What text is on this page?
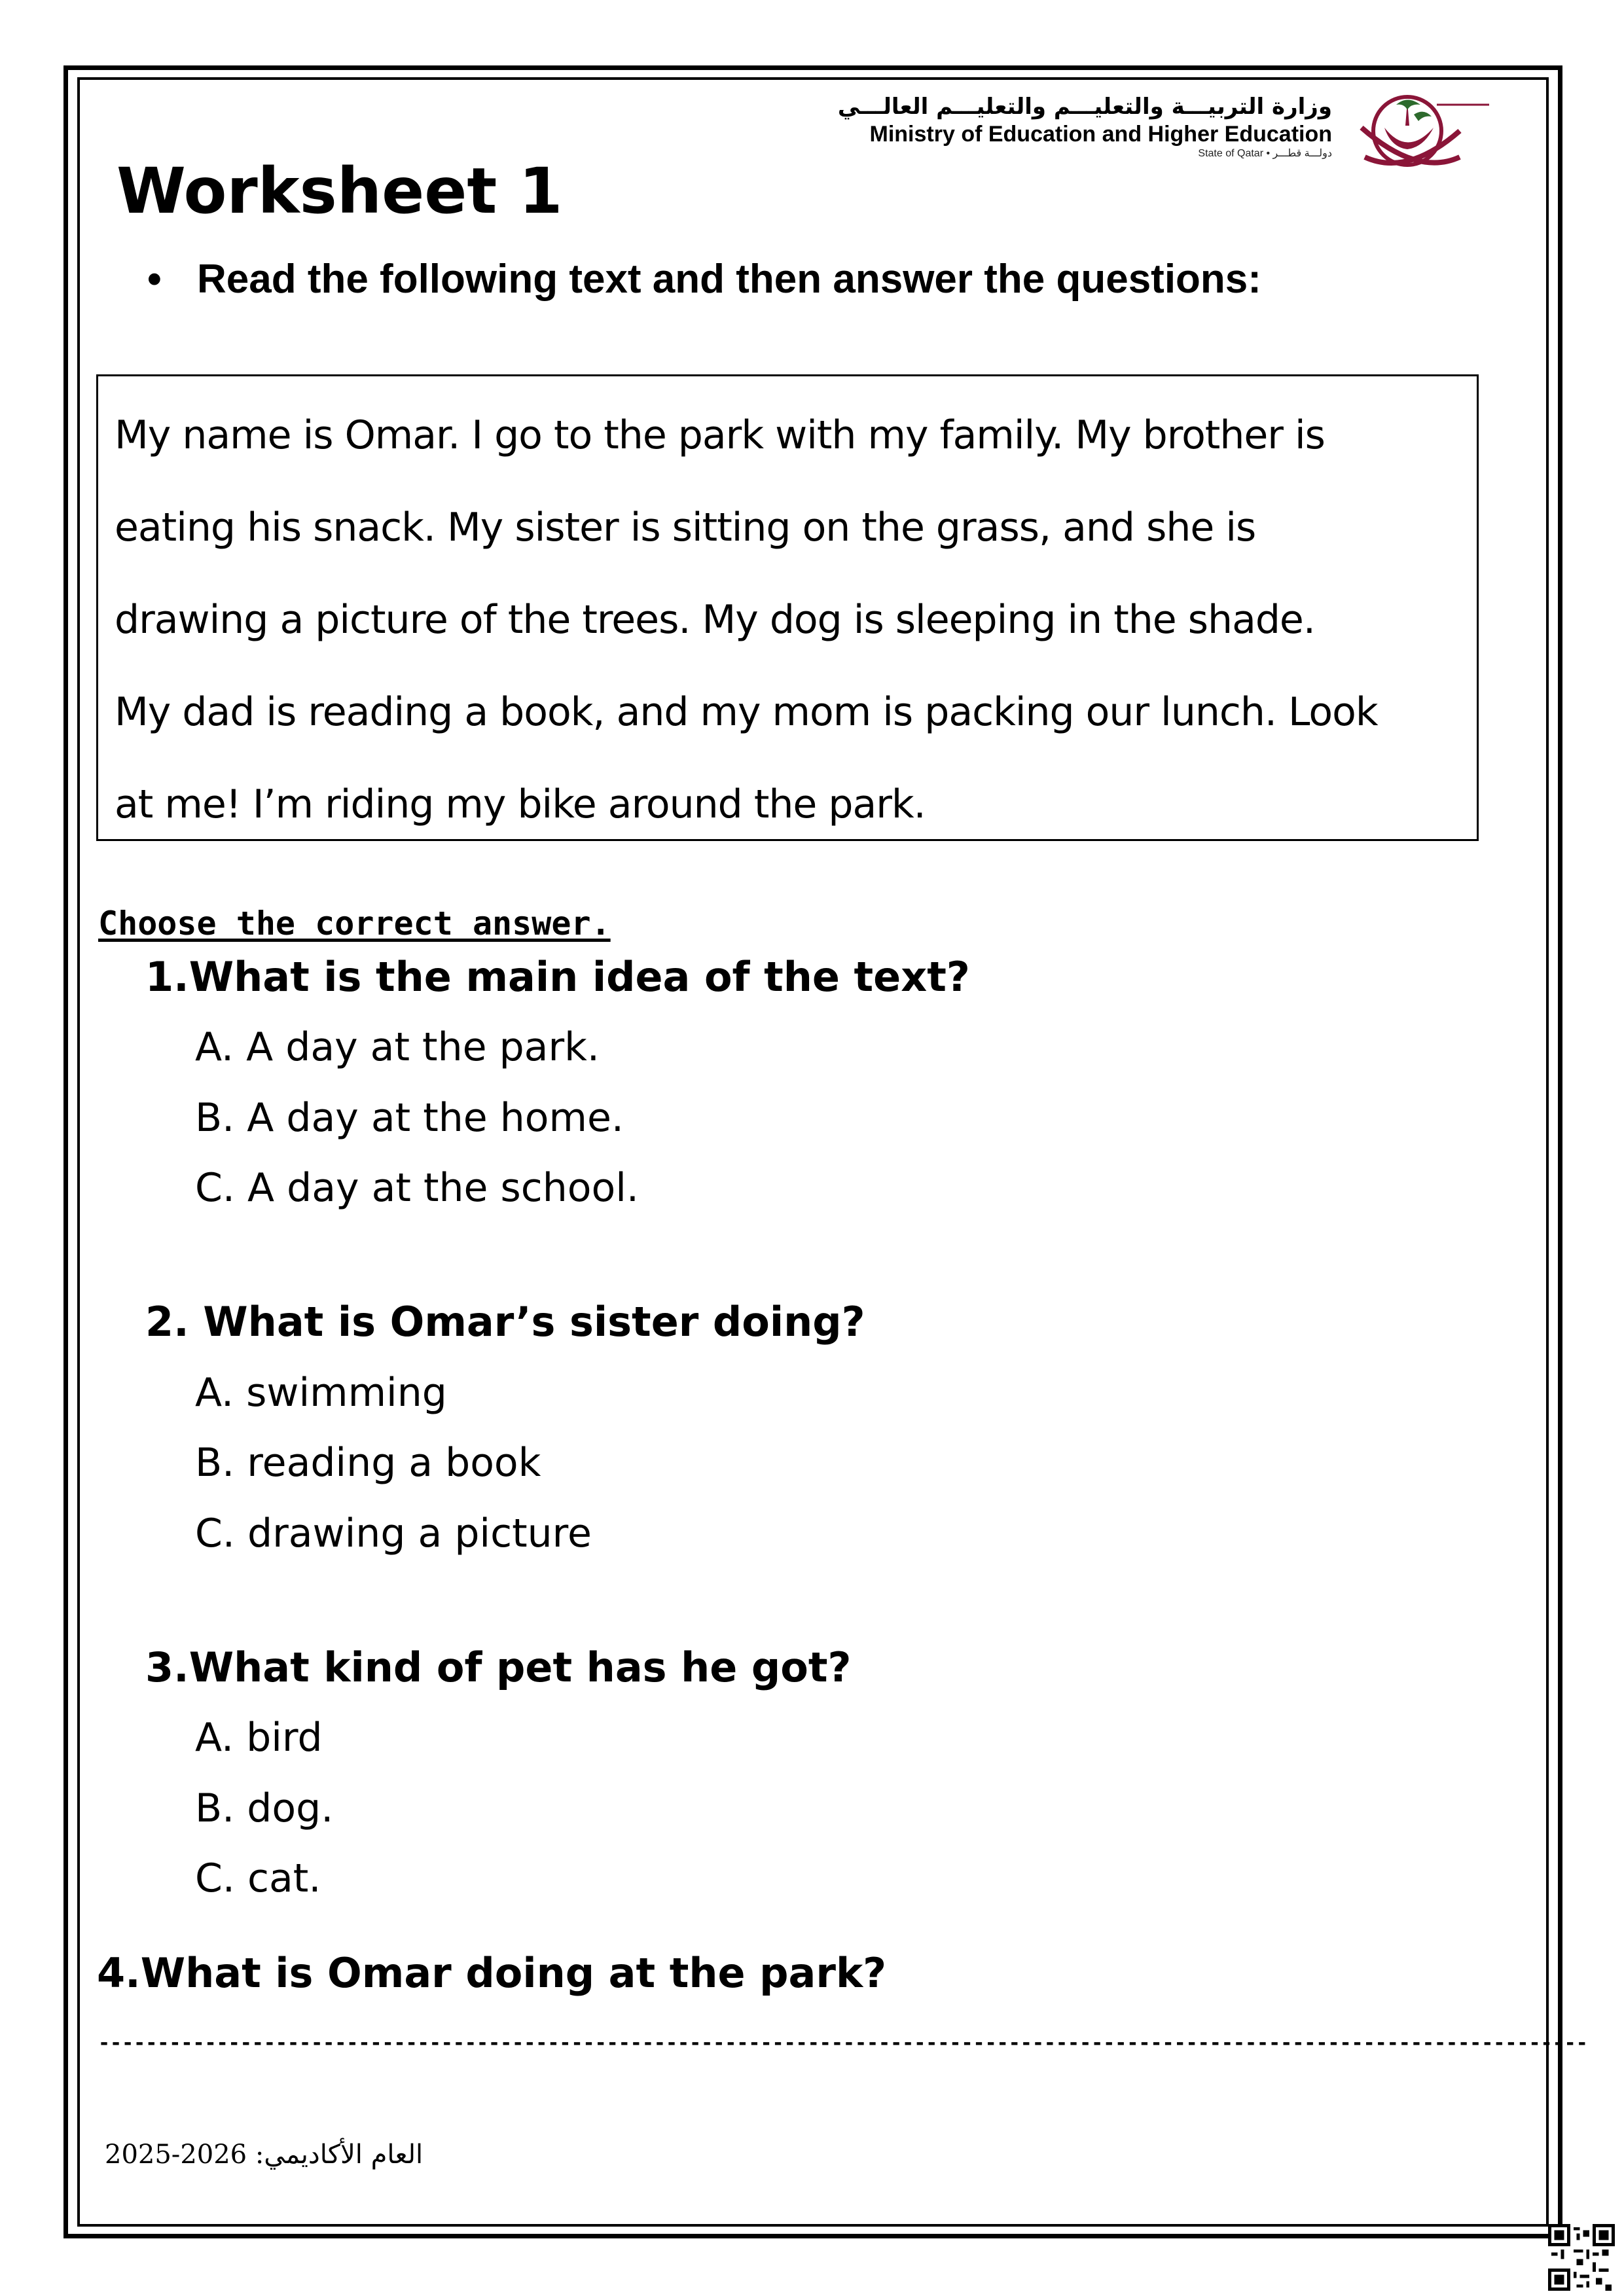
وزارة التربيـــة والتعليـــم والتعليـــم العالـــي
Ministry of Education and Higher Education
State of Qatar • دولـــة قطـــر
Worksheet 1
• Read the following text and then answer the questions:

My name is Omar. I go to the park with my family. My brother is
eating his snack. My sister is sitting on the grass, and she is
drawing a picture of the trees. My dog is sleeping in the shade.
My dad is reading a book, and my mom is packing our lunch. Look
at me! I’m riding my bike around the park.

Choose the correct answer.
1.What is the main idea of the text?
A. A day at the park.
B. A day at the home.
C. A day at the school.
2. What is Omar’s sister doing?
A. swimming
B. reading a book
C. drawing a picture
3.What kind of pet has he got?
A. bird
B. dog.
C. cat.
4.What is Omar doing at the park?
------------------------------------------------------------------------------------------------------------------------------
العام الأكاديمي: 2026-2025
